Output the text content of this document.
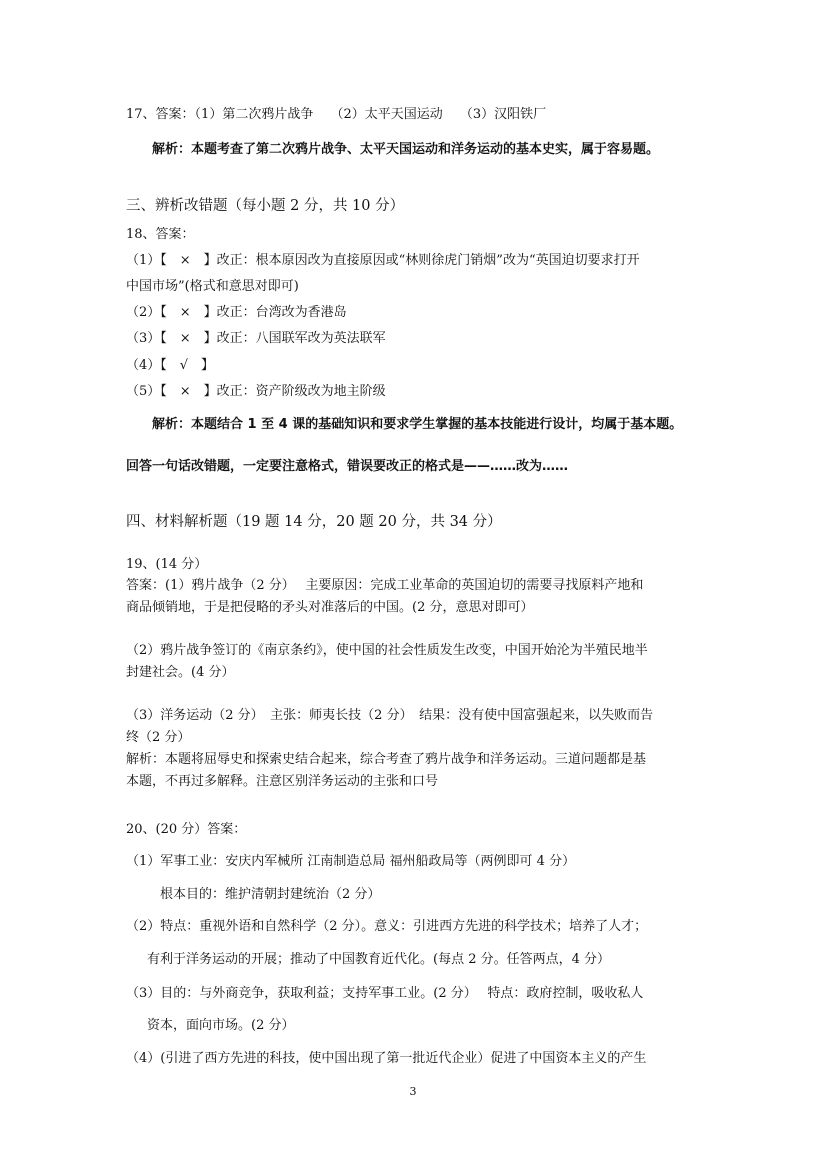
17、答案：（1）第二次鸦片战争　 （2）太平天国运动　 （3）汉阳铁厂
解析：本题考查了第二次鸦片战争、太平天国运动和洋务运动的基本史实，属于容易题。
三、辨析改错题（每小题 2 分，共 10 分）
18、答案：
（1）【　×　】改正：根本原因改为直接原因或“林则徐虎门销烟”改为“英国迫切要求打开
中国市场”(格式和意思对即可)
（2）【　×　】改正：台湾改为香港岛
（3）【　×　】改正：八国联军改为英法联军
（4）【　√　】
（5）【　×　】改正：资产阶级改为地主阶级
解析：本题结合 1 至 4 课的基础知识和要求学生掌握的基本技能进行设计，均属于基本题。
回答一句话改错题，一定要注意格式，错误要改正的格式是——……改为……
四、材料解析题（19 题 14 分，20 题 20 分，共 34 分）
19、(14 分）
答案：(1）鸦片战争（2 分）　 主要原因：完成工业革命的英国迫切的需要寻找原料产地和
商品倾销地，于是把侵略的矛头对准落后的中国。(2 分，意思对即可）
（2）鸦片战争签订的《南京条约》，使中国的社会性质发生改变，中国开始沦为半殖民地半
封建社会。(4 分）
（3）洋务运动（2 分）　主张：师夷长技（2 分）　结果：没有使中国富强起来，以失败而告
终（2 分）
解析：本题将屈辱史和探索史结合起来，综合考查了鸦片战争和洋务运动。三道问题都是基
本题，不再过多解释。注意区别洋务运动的主张和口号
20、(20 分）答案：
（1）军事工业：安庆内军械所 江南制造总局 福州船政局等（两例即可 4 分）
根本目的：维护清朝封建统治（2 分）
（2）特点：重视外语和自然科学（2 分）。意义：引进西方先进的科学技术；培养了人才；
有利于洋务运动的开展；推动了中国教育近代化。(每点 2 分。任答两点，4 分）
（3）目的：与外商竞争，获取利益；支持军事工业。(2 分）　 特点：政府控制，吸收私人
资本，面向市场。(2 分）
（4）(引进了西方先进的科技，使中国出现了第一批近代企业）促进了中国资本主义的产生
3
